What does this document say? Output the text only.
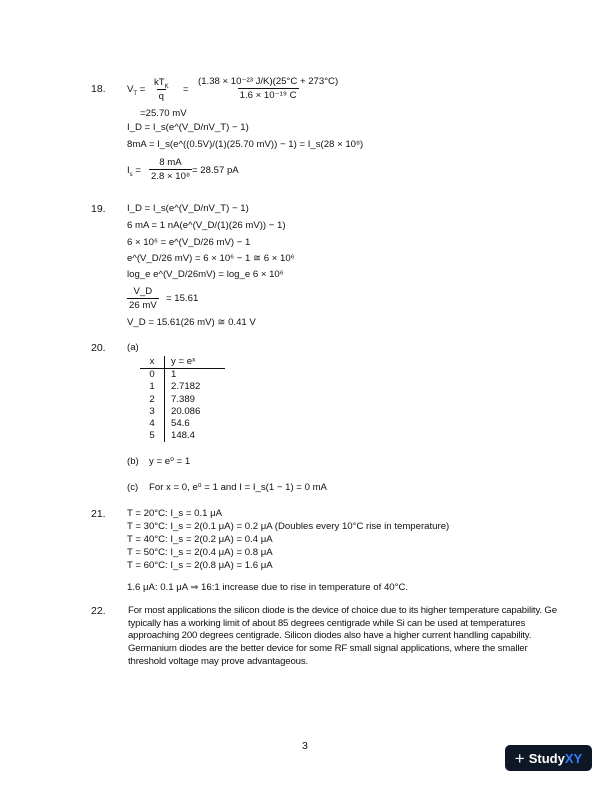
18. $V_T$ =
$kT_K$
q
= $\frac{\text{(1.38 × 10⁻²³ J/K)(25°C + 273°C)}}{\text{1.6 × 10⁻¹⁹ C}}$
=25.70 mV
I_D = I_s(e^(V_D/nV_T) − 1)
8mA = I_s(e^((0.5V)/(1)(25.70 mV)) − 1) = I_s(28 × 10⁸)
$I_s = \frac{8 mA}{\text{2.8 × 10⁸}} = 28.57$ pA
19. I_D = I_s(e^(V_D/nV_T) − 1)
6 mA = 1 nA(e^(V_D/(1)(26 mV)) − 1)
6 × 10⁶ = e^(V_D/26 mV) − 1
e^(V_D/26 mV) = 6 × 10⁶ − 1 ≅ 6 × 10⁶
log_e e^(V_D/26mV) = log_e 6 × 10⁶
$\frac{V\_D}{26 mV} = 15.61$
V_D = 15.61(26 mV) ≅ 0.41 V
20. (a)
x	y = eˣ
0	1
1	2.7182
2	7.389
3	20.086
4	54.6
5	148.4
(b) y = e⁰ = 1
(c) For x = 0, e⁰ = 1 and I = I_s(1 − 1) = 0 mA
21. T = 20°C: I_s = 0.1 μA
T = 30°C: I_s = 2(0.1 μA) = 0.2 μA (Doubles every 10°C rise in temperature)
T = 40°C: I_s = 2(0.2 μA) = 0.4 μA
T = 50°C: I_s = 2(0.4 μA) = 0.8 μA
T = 60°C: I_s = 2(0.8 μA) = 1.6 μA
1.6 μA: 0.1 μA ⇒ 16:1 increase due to rise in temperature of 40°C.
22. For most applications the silicon diode is the device of choice due to its higher temperature capability. Ge typically has a working limit of about 85 degrees centigrade while Si can be used at temperatures approaching 200 degrees centigrade. Silicon diodes also have a higher current handling capability. Germanium diodes are the better device for some RF small signal applications, where the smaller threshold voltage may prove advantageous.
3
+ Study XY
